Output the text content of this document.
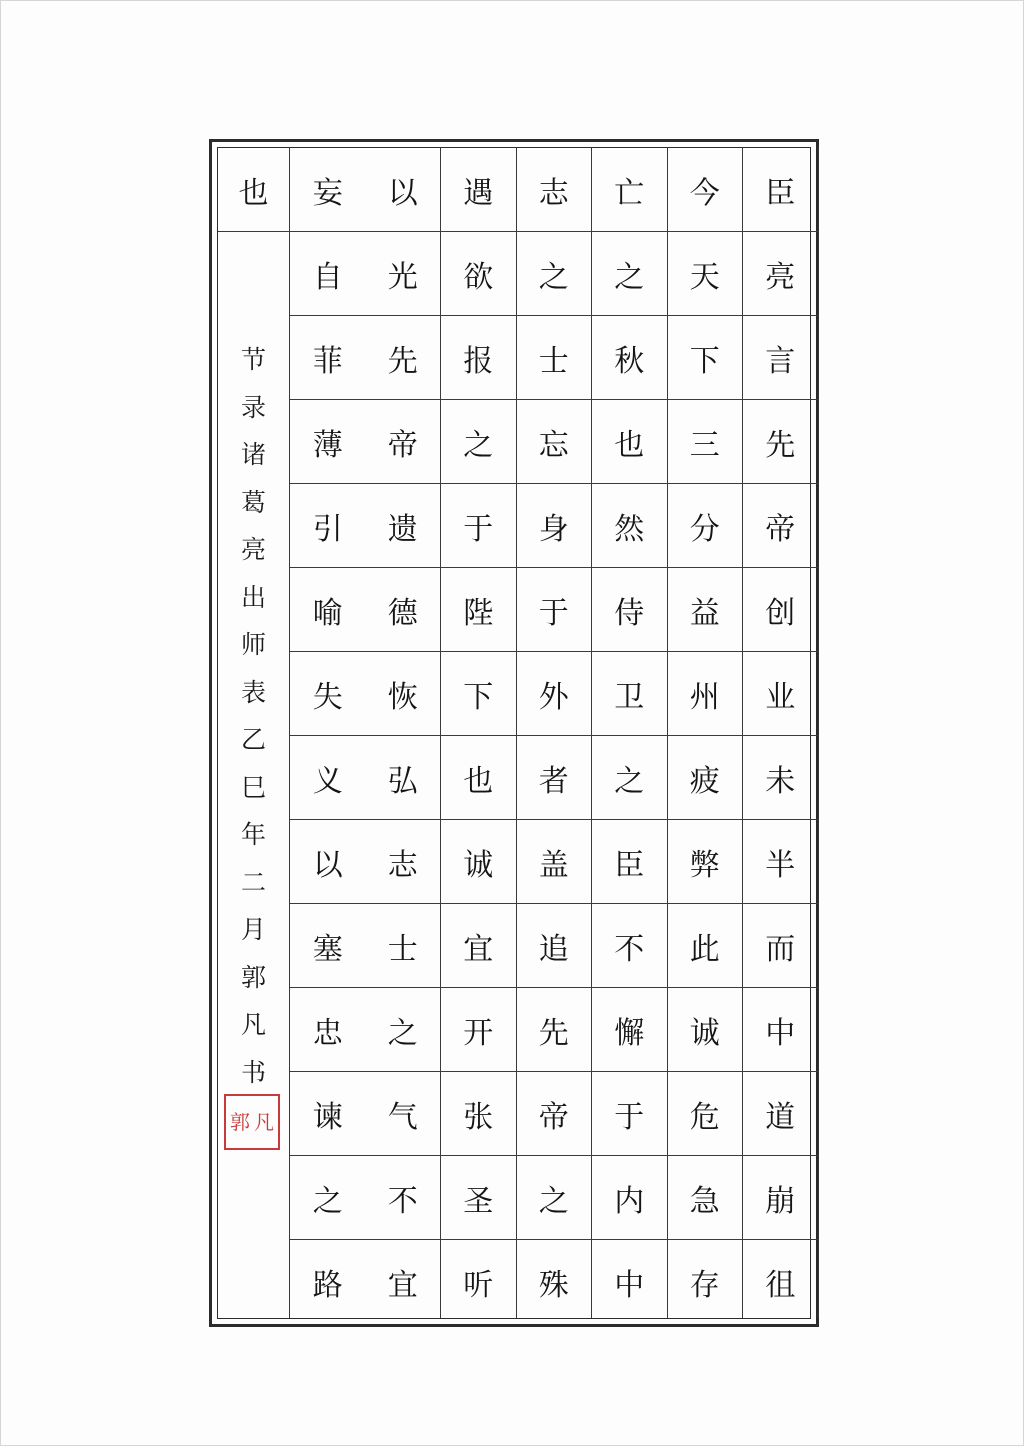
也
节
录
诸
葛
亮
出
师
表
乙
巳
年
二
月
郭
凡
书
郭 凡
臣
亮
言
先
帝
创
业
未
半
而
中
道
崩
徂
今
天
下
三
分
益
州
疲
弊
此
诚
危
急
存
亡
之
秋
也
然
侍
卫
之
臣
不
懈
于
内
中
志
之
士
忘
身
于
外
者
盖
追
先
帝
之
殊
遇
欲
报
之
于
陛
下
也
诚
宜
开
张
圣
听
以
光
先
帝
遗
德
恢
弘
志
士
之
气
不
宜
妄
自
菲
薄
引
喻
失
义
以
塞
忠
谏
之
路
